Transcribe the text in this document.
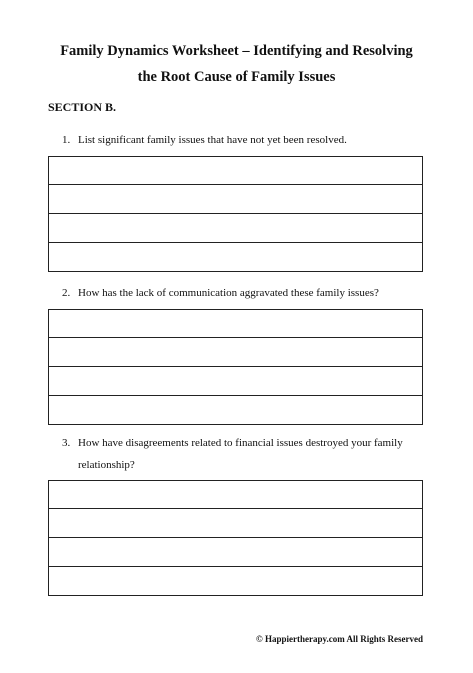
Family Dynamics Worksheet – Identifying and Resolving
the Root Cause of Family Issues
SECTION B.
1. List significant family issues that have not yet been resolved.
2. How has the lack of communication aggravated these family issues?
3. How have disagreements related to financial issues destroyed your family relationship?
© Happiertherapy.com All Rights Reserved
